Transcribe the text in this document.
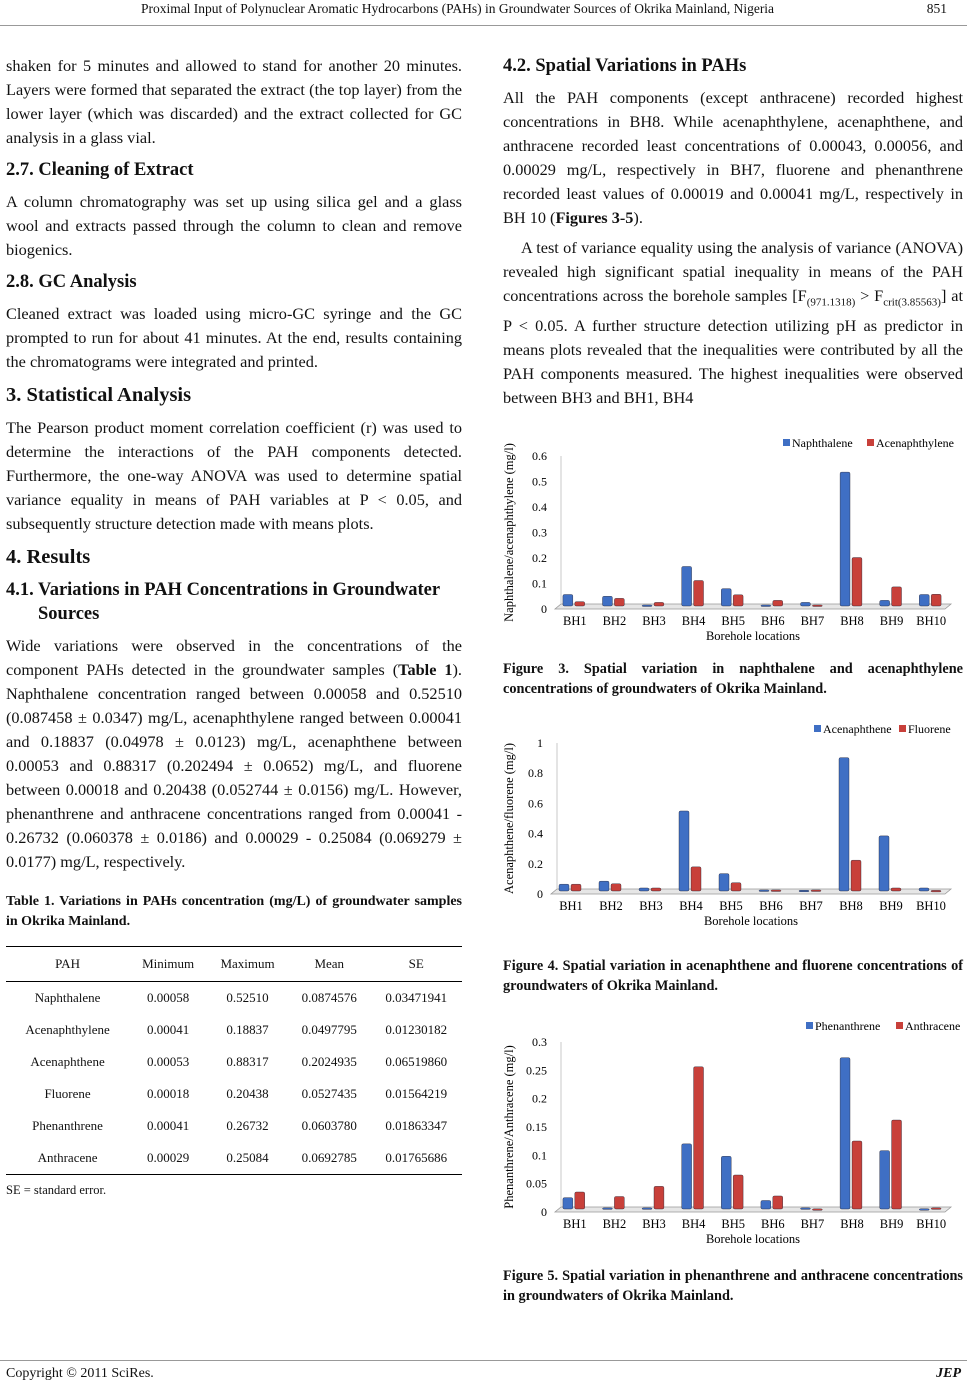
Proximal Input of Polynuclear Aromatic Hydrocarbons (PAHs) in Groundwater Sources of Okrika Mainland, Nigeria	851

shaken for 5 minutes and allowed to stand for another 20 minutes. Layers were formed that separated the extract (the top layer) from the lower layer (which was discarded) and the extract collected for GC analysis in a glass vial.

2.7. Cleaning of Extract

A column chromatography was set up using silica gel and a glass wool and extracts passed through the column to clean and remove biogenics.

2.8. GC Analysis

Cleaned extract was loaded using micro-GC syringe and the GC prompted to run for about 41 minutes. At the end, results containing the chromatograms were integrated and printed.

3. Statistical Analysis

The Pearson product moment correlation coefficient (r) was used to determine the interactions of the PAH components detected. Furthermore, the one-way ANOVA was used to determine spatial variance equality in means of PAH variables at P < 0.05, and subsequently structure detection made with means plots.

4. Results
4.1. Variations in PAH Concentrations in Groundwater Sources

Wide variations were observed in the concentrations of the component PAHs detected in the groundwater samples (Table 1). Naphthalene concentration ranged between 0.00058 and 0.52510 (0.087458 ± 0.0347) mg/L, acenaphthylene ranged between 0.00041 and 0.18837 (0.04978 ± 0.0123) mg/L, acenaphthene between 0.00053 and 0.88317 (0.202494 ± 0.0652) mg/L, and fluorene between 0.00018 and 0.20438 (0.052744 ± 0.0156) mg/L. However, phenanthrene and anthracene concentrations ranged from 0.00041 - 0.26732 (0.060378 ± 0.0186) and 0.00029 - 0.25084 (0.069279 ± 0.0177) mg/L, respectively.

Table 1. Variations in PAHs concentration (mg/L) of groundwater samples in Okrika Mainland.
PAH	Minimum	Maximum	Mean	SE
Naphthalene	0.00058	0.52510	0.0874576	0.03471941
Acenaphthylene	0.00041	0.18837	0.0497795	0.01230182
Acenaphthene	0.00053	0.88317	0.2024935	0.06519860
Fluorene	0.00018	0.20438	0.0527435	0.01564219
Phenanthrene	0.00041	0.26732	0.0603780	0.01863347
Anthracene	0.00029	0.25084	0.0692785	0.01765686
SE = standard error.
4.2. Spatial Variations in PAHs

All the PAH components (except anthracene) recorded highest concentrations in BH8. While acenaphthylene, acenaphthene, and anthracene recorded least concentrations of 0.00043, 0.00056, and 0.00029 mg/L, respectively in BH7, fluorene and phenanthrene recorded least values of 0.00019 and 0.00041 mg/L, respectively in BH 10 (Figures 3-5).

A test of variance equality using the analysis of variance (ANOVA) revealed high significant spatial inequality in means of the PAH concentrations across the borehole samples $[F_{(971.1318)} > F_{crit(3.85563)}]$ at P < 0.05. A further structure detection utilizing pH as predictor in means plots revealed that the inequalities were contributed by all the PAH components measured. The highest inequalities were observed between BH3 and BH1, BH4

Naphthalene/acenaphthylene (mg/l) 0
0.1
0.2
0.3
0.4
0.5
0.6
BH1 BH2 BH3 BH4 BH5 BH6 BH7 BH8 BH9 BH10
Borehole locations
Naphthalene Acenaphthylene
Figure 3. Spatial variation in naphthalene and acenaphthylene concentrations of groundwaters of Okrika Mainland.
Acenaphthene/fluorene (mg/l)
0
0.2
0.4
0.6
0.8
1
BH1 BH2 BH3 BH4 BH5 BH6 BH7 BH8 BH9 BH10
Borehole locations
Acenaphthene Fluorene
Figure 4. Spatial variation in acenaphthene and fluorene concentrations of groundwaters of Okrika Mainland.
Phenanthrene/Anthracene (mg/l)
0
0.05
0.1
0.15
0.2
0.25
0.3
BH1 BH2 BH3 BH4 BH5 BH6 BH7 BH8 BH9 BH10
Borehole locations
Phenanthrene Anthracene
Figure 5. Spatial variation in phenanthrene and anthracene concentrations in groundwaters of Okrika Mainland.
Copyright © 2011 SciRes.	JEP
